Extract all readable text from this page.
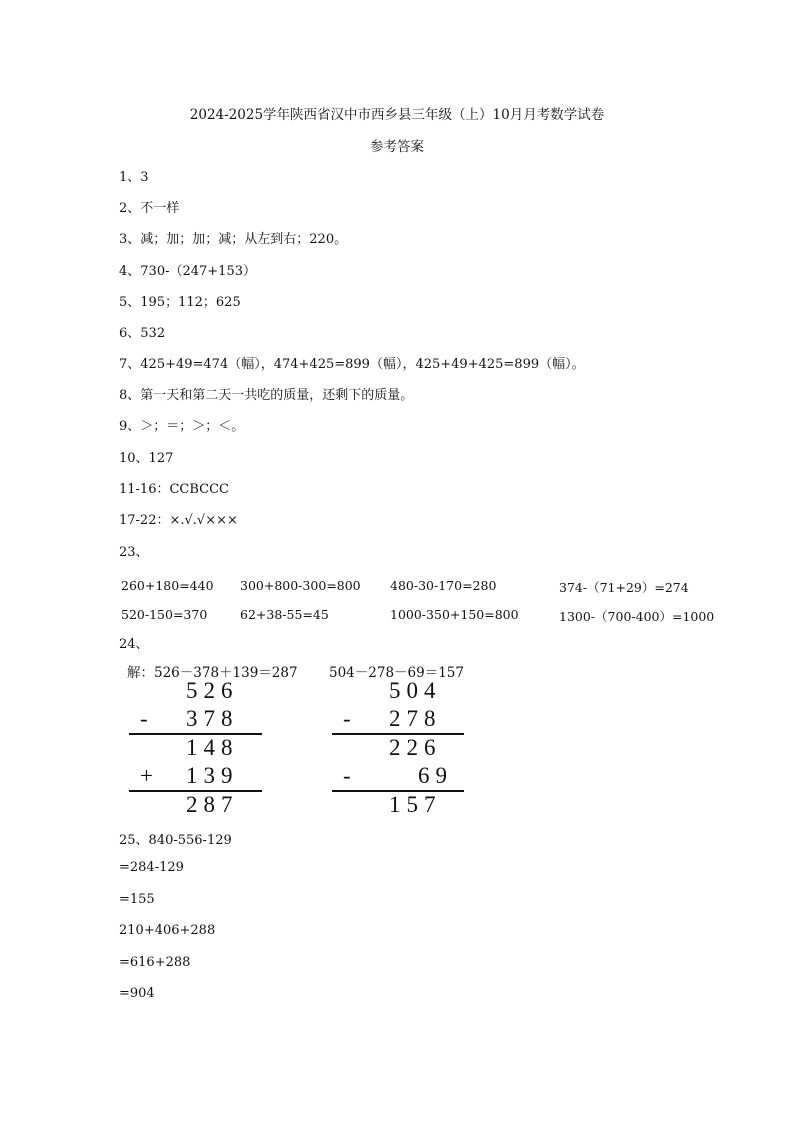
2024-2025学年陕西省汉中市西乡县三年级（上）10月月考数学试卷
参考答案
1、3
2、不一样
3、减；加；加；减；从左到右；220。
4、730-（247+153）
5、195；112；625
6、532
7、425+49=474（幅），474+425=899（幅），425+49+425=899（幅）。
8、第一天和第二天一共吃的质量，还剩下的质量。
9、＞；＝；＞；＜。
10、127
11-16：CCBCCC
17-22：×.√.√×××
23、
260+180=440 300+800-300=800 480-30-170=280	374-（71+29）=274
520-150=370	62+38-55=45	1000-350+150=800	1300-（700-400）=1000
24、
解：526－378＋139＝287 504－278－69＝157
526
- 378
148
+ 139
287
504
- 278
226
-	69
157
25、840-556-129
=284-129
=155
210+406+288
=616+288
=904
